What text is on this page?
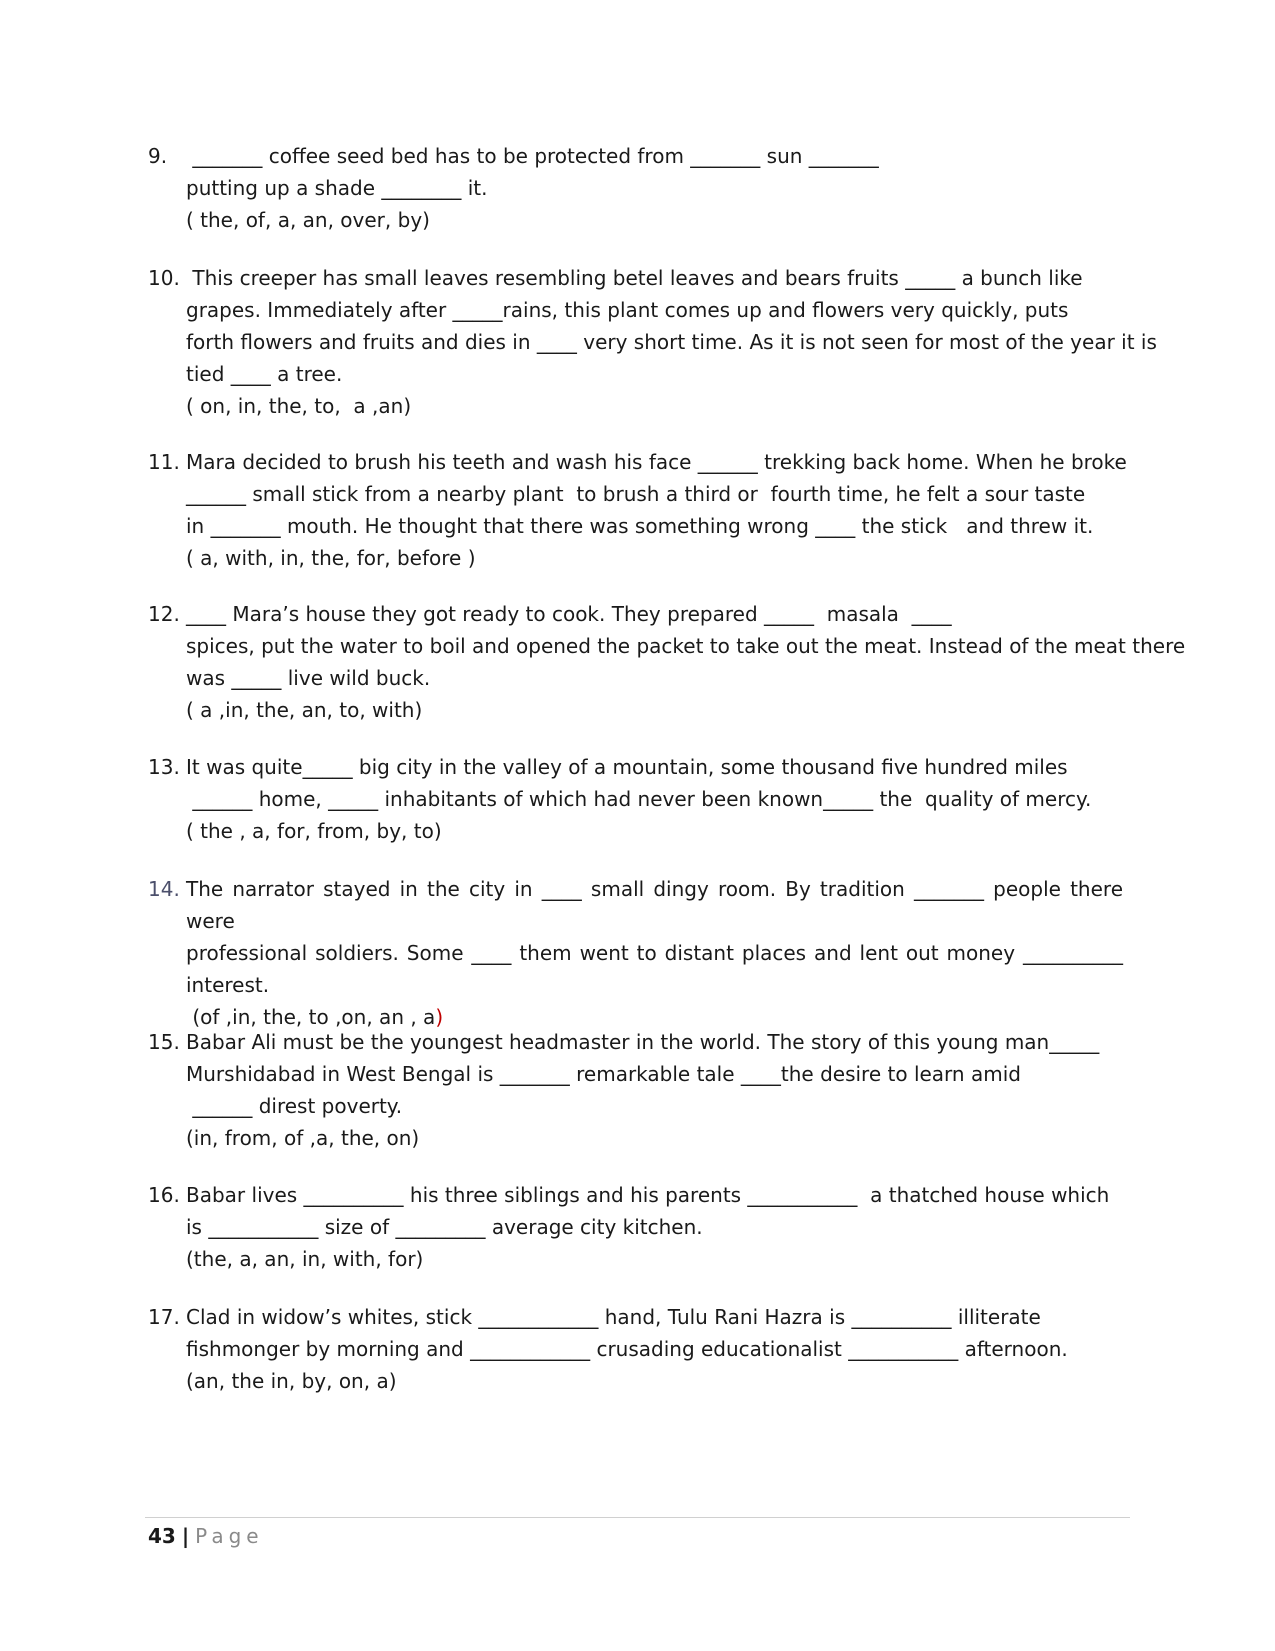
9. _______ coffee seed bed has to be protected from _______ sun _______
putting up a shade ________ it.
( the, of, a, an, over, by)
10. This creeper has small leaves resembling betel leaves and bears fruits _____ a bunch like
grapes. Immediately after _____rains, this plant comes up and flowers very quickly, puts
forth flowers and fruits and dies in ____ very short time. As it is not seen for most of the year it is
tied ____ a tree.
( on, in, the, to,  a ,an)
11. Mara decided to brush his teeth and wash his face ______ trekking back home. When he broke
______ small stick from a nearby plant  to brush a third or  fourth time, he felt a sour taste
in _______ mouth. He thought that there was something wrong ____ the stick   and threw it.
( a, with, in, the, for, before )
12. ____ Mara’s house they got ready to cook. They prepared _____  masala  ____
spices, put the water to boil and opened the packet to take out the meat. Instead of the meat there
was _____ live wild buck.
( a ,in, the, an, to, with)
13. It was quite_____ big city in the valley of a mountain, some thousand five hundred miles
______ home, _____ inhabitants of which had never been known_____ the  quality of mercy.
( the , a, for, from, by, to)
14. The narrator stayed in the city in ____ small dingy room. By tradition _______ people there were
professional soldiers. Some ____ them went to distant places and lent out money __________
interest.
(of ,in, the, to ,on, an , a)
15. Babar Ali must be the youngest headmaster in the world. The story of this young man_____
Murshidabad in West Bengal is _______ remarkable tale ____the desire to learn amid
______ direst poverty.
(in, from, of ,a, the, on)
16. Babar lives __________ his three siblings and his parents ___________  a thatched house which
is ___________ size of _________ average city kitchen.
(the, a, an, in, with, for)
17. Clad in widow’s whites, stick ____________ hand, Tulu Rani Hazra is __________ illiterate
fishmonger by morning and ____________ crusading educationalist ___________ afternoon.
(an, the in, by, on, a)
43 | Page
